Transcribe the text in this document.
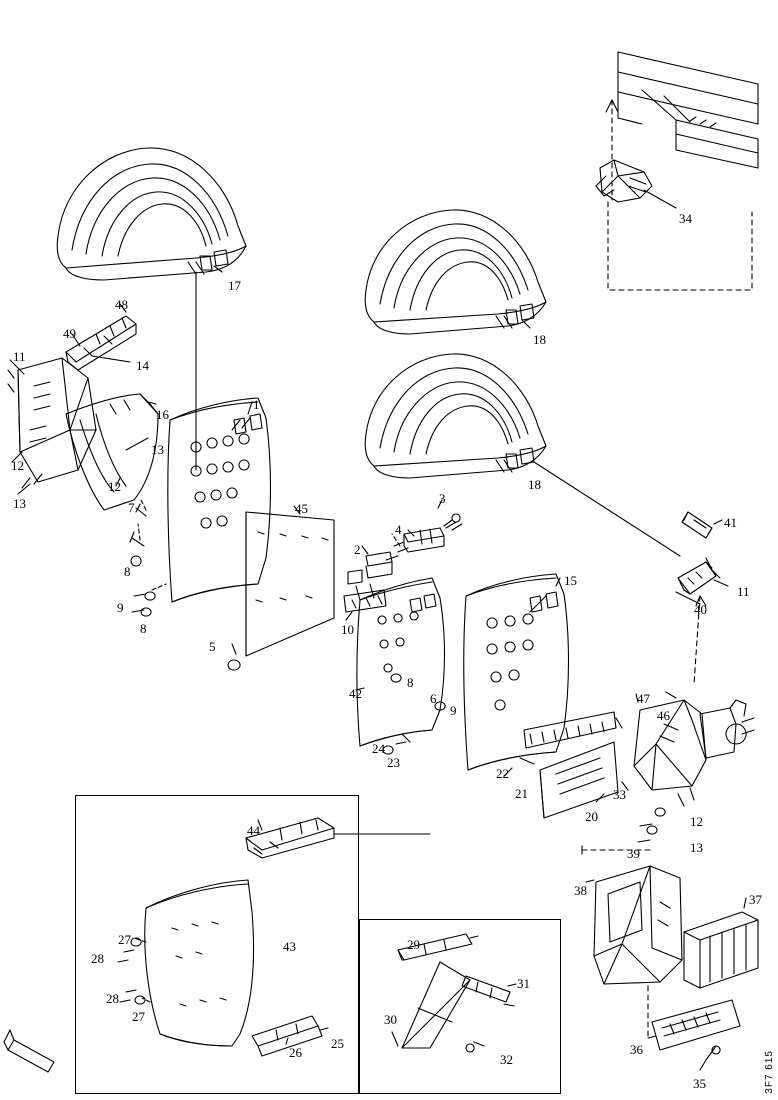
1
2
3
4
5
6
7
8
8
8
9
9
10
11
11
12
12
12
13
13
13
14
15
16
17
18
18
20
21
22
23
24
25
26
27
27
28
28
29
30
31
32
33
34
35
36
37
38
39
40
41
42
43
44
45
46
47
48
49
3F7 615
